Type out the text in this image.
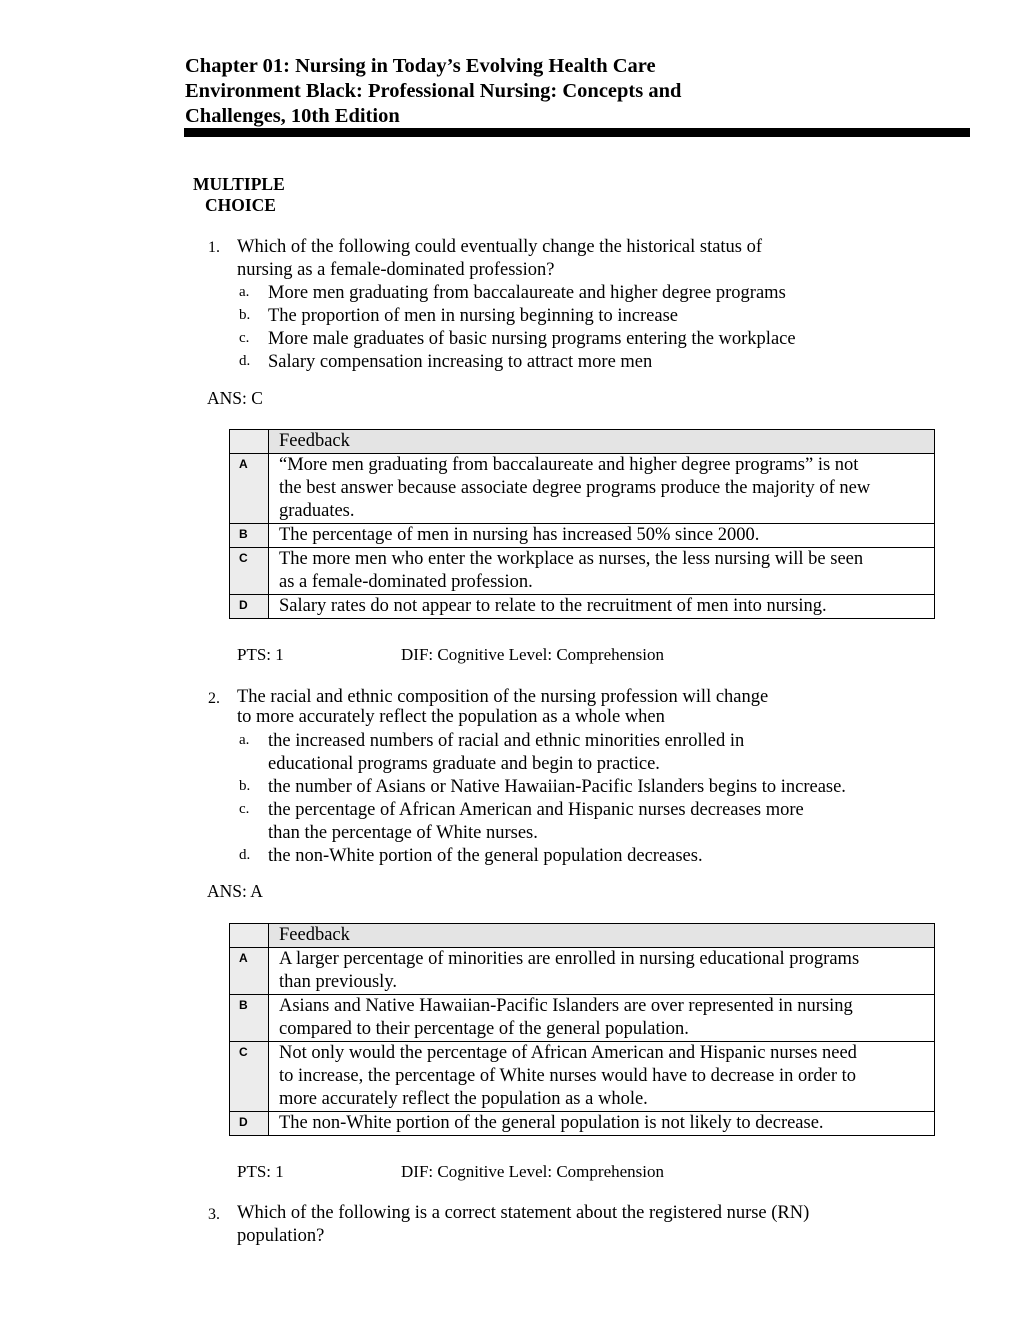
Chapter 01: Nursing in Today’s Evolving Health Care
Environment Black: Professional Nursing: Concepts and
Challenges, 10th Edition
MULTIPLE
CHOICE
1. Which of the following could eventually change the historical status of
nursing as a female-dominated profession?
a. More men graduating from baccalaureate and higher degree programs
b. The proportion of men in nursing beginning to increase
c. More male graduates of basic nursing programs entering the workplace
d. Salary compensation increasing to attract more men
ANS: C
	Feedback
A	“More men graduating from baccalaureate and higher degree programs” is not
the best answer because associate degree programs produce the majority of new
graduates.

B	The percentage of men in nursing has increased 50% since 2000.

C	The more men who enter the workplace as nurses, the less nursing will be seen
as a female-dominated profession.

D	Salary rates do not appear to relate to the recruitment of men into nursing.
PTS: 1	DIF: Cognitive Level: Comprehension
2. The racial and ethnic composition of the nursing profession will change
to more accurately reflect the population as a whole when
a. the increased numbers of racial and ethnic minorities enrolled in
educational programs graduate and begin to practice.
b. the number of Asians or Native Hawaiian-Pacific Islanders begins to increase.
c. the percentage of African American and Hispanic nurses decreases more
than the percentage of White nurses.
d. the non-White portion of the general population decreases.
ANS: A
	Feedback
A	A larger percentage of minorities are enrolled in nursing educational programs
than previously.

B	Asians and Native Hawaiian-Pacific Islanders are over represented in nursing
compared to their percentage of the general population.

C	Not only would the percentage of African American and Hispanic nurses need
to increase, the percentage of White nurses would have to decrease in order to
more accurately reflect the population as a whole.

D	The non-White portion of the general population is not likely to decrease.
PTS: 1	DIF: Cognitive Level: Comprehension
3. Which of the following is a correct statement about the registered nurse (RN)
population?
